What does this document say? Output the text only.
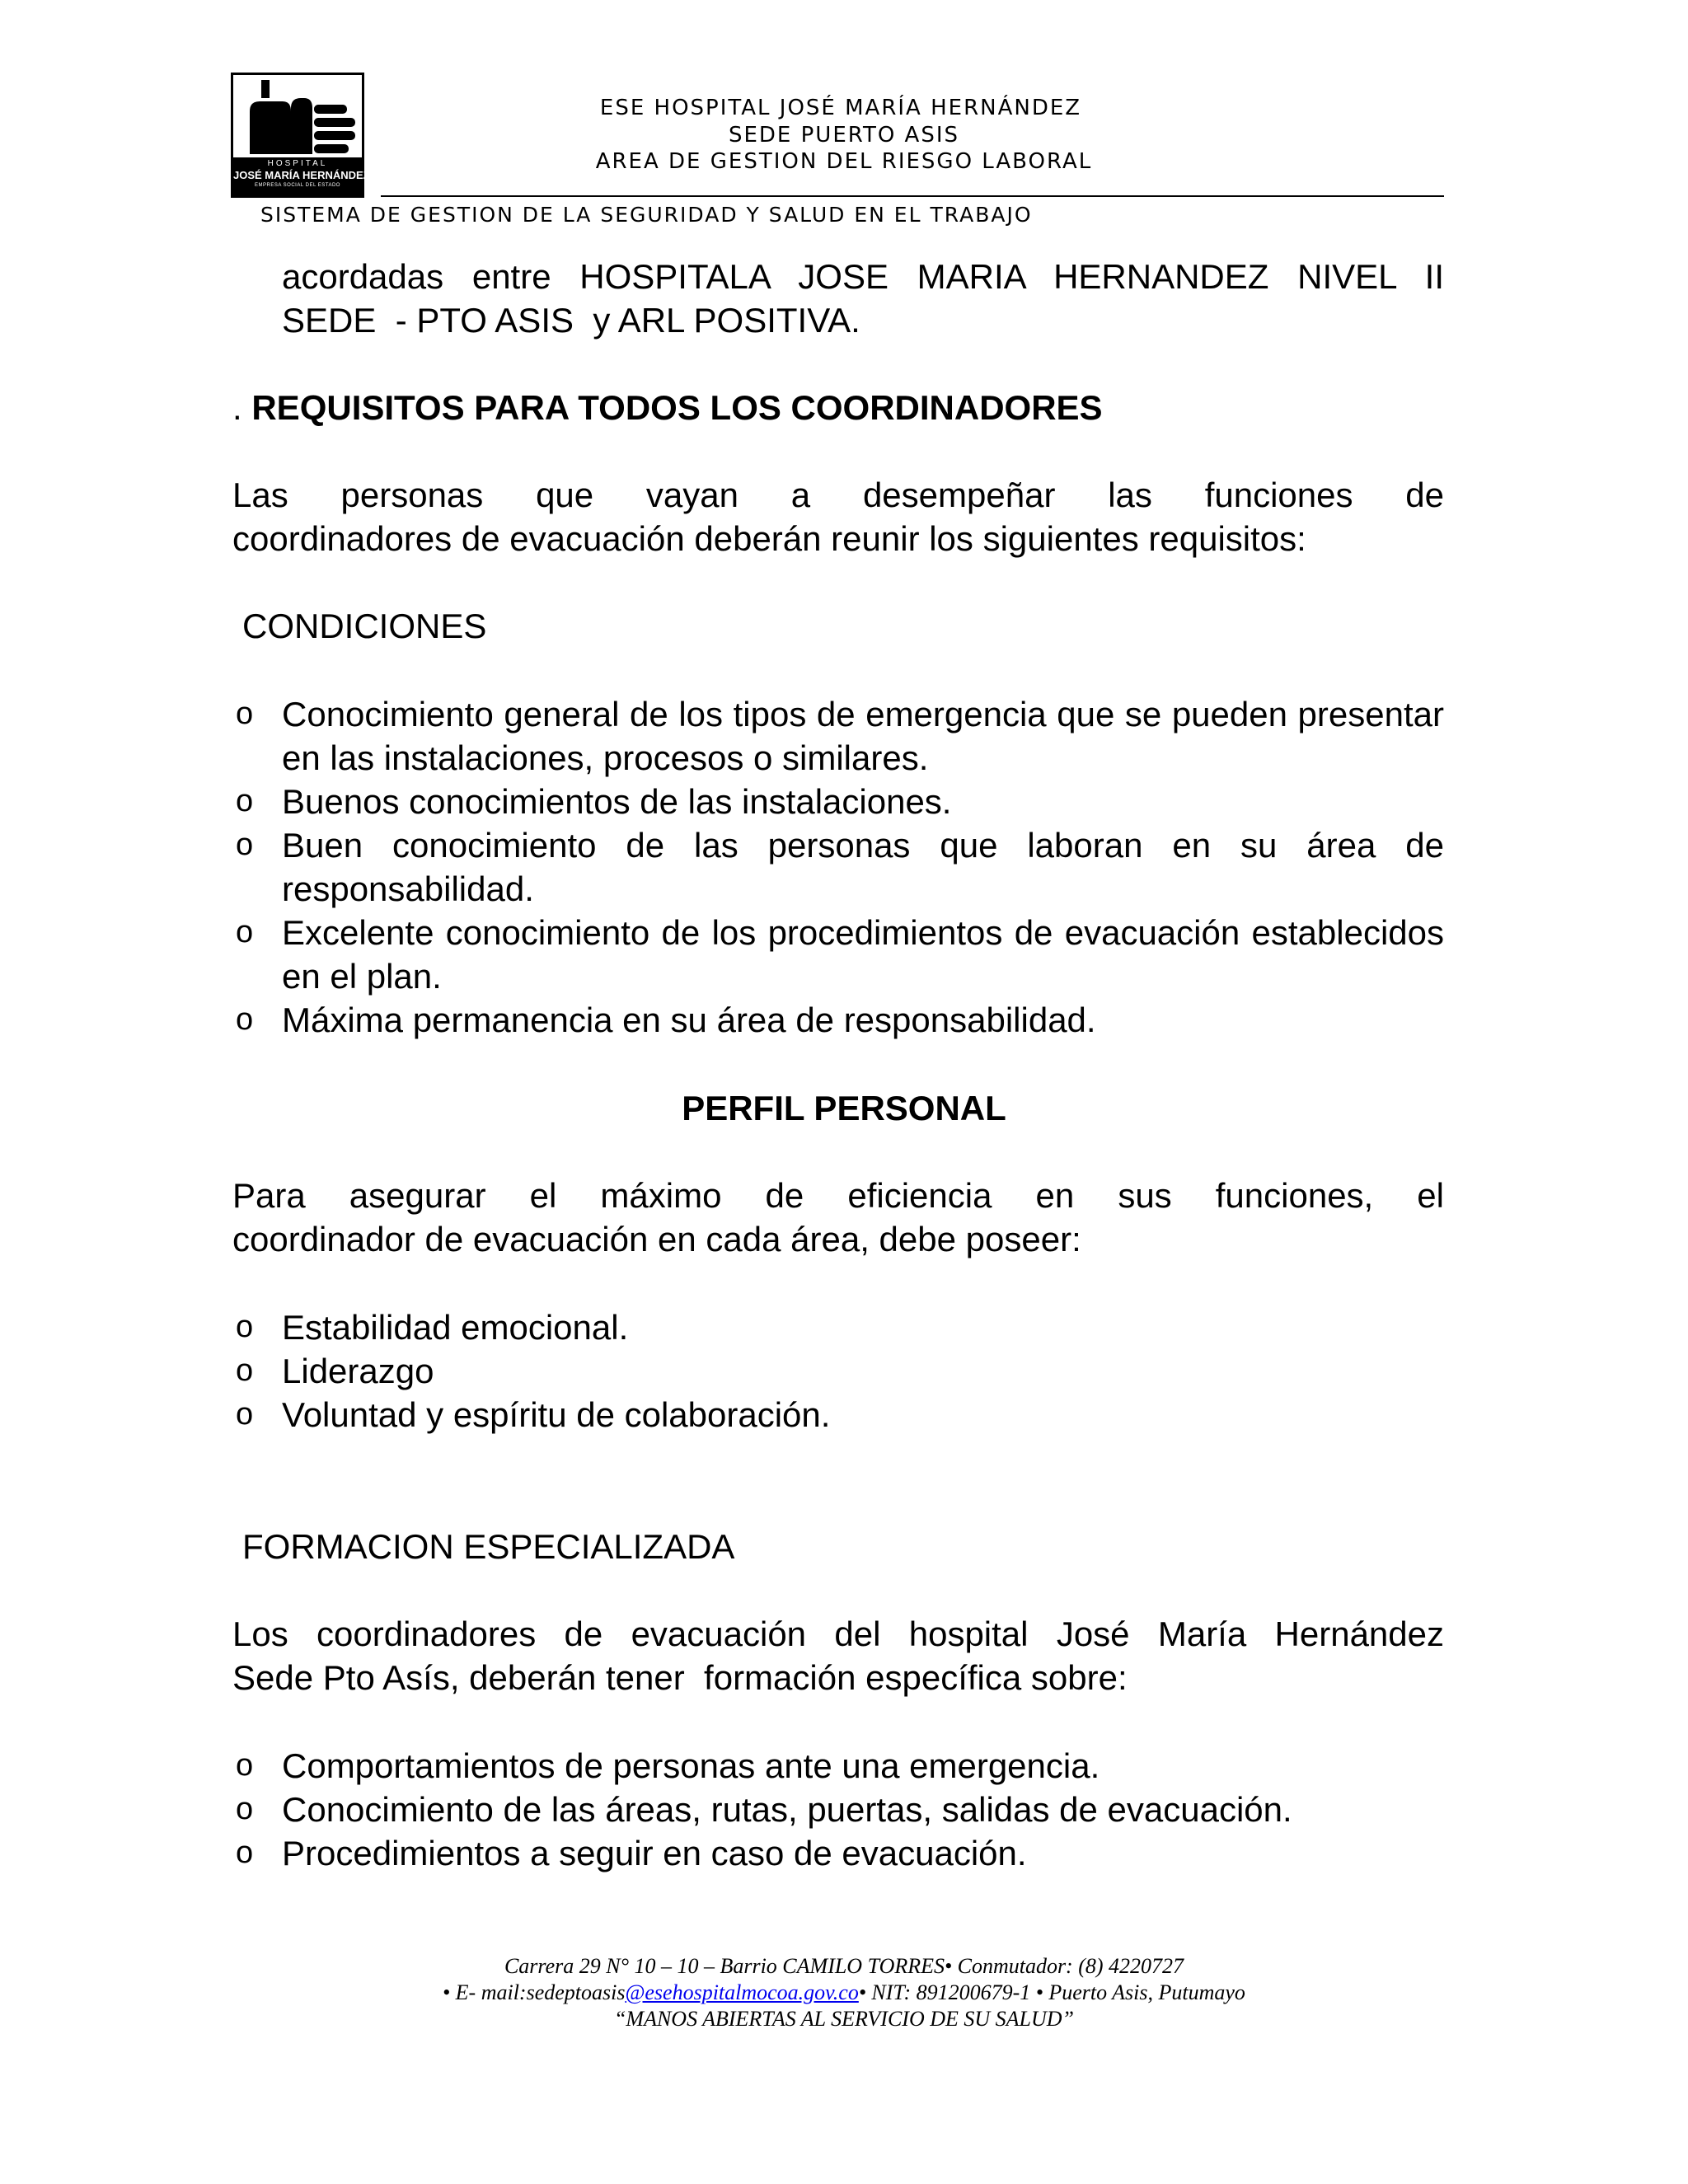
HOSPITAL
JOSÉ MARÍA HERNÁNDEZ
EMPRESA SOCIAL DEL ESTADO
ESE HOSPITAL JOSÉ MARÍA HERNÁNDEZ
SEDE PUERTO ASIS
AREA DE GESTION DEL RIESGO LABORAL
SISTEMA DE GESTION DE LA SEGURIDAD Y SALUD EN EL TRABAJO
acordadas entre HOSPITALA JOSE MARIA HERNANDEZ NIVEL II
SEDE  - PTO ASIS  y ARL POSITIVA.
. REQUISITOS PARA TODOS LOS COORDINADORES
Las personas que vayan a desempeñar las funciones de
coordinadores de evacuación deberán reunir los siguientes requisitos:
CONDICIONES
o Conocimiento general de los tipos de emergencia que se pueden presentar en las instalaciones, procesos o similares.
o Buenos conocimientos de las instalaciones.
o Buen conocimiento de las personas que laboran en su área de responsabilidad.
o Excelente conocimiento de los procedimientos de evacuación establecidos en el plan.
o Máxima permanencia en su área de responsabilidad.
PERFIL PERSONAL
Para asegurar el máximo de eficiencia en sus funciones, el
coordinador de evacuación en cada área, debe poseer:
o Estabilidad emocional.
o Liderazgo
o Voluntad y espíritu de colaboración.
FORMACION ESPECIALIZADA
Los coordinadores de evacuación del hospital José María Hernández
Sede Pto Asís, deberán tener  formación específica sobre:
o Comportamientos de personas ante una emergencia.
o Conocimiento de las áreas, rutas, puertas, salidas de evacuación.
o Procedimientos a seguir en caso de evacuación.
Carrera 29 N° 10 – 10 – Barrio CAMILO TORRES• Conmutador: (8) 4220727
• E- mail:sedeptoasis@esehospitalmocoa.gov.co• NIT: 891200679-1 • Puerto Asis, Putumayo
“MANOS ABIERTAS AL SERVICIO DE SU SALUD”
